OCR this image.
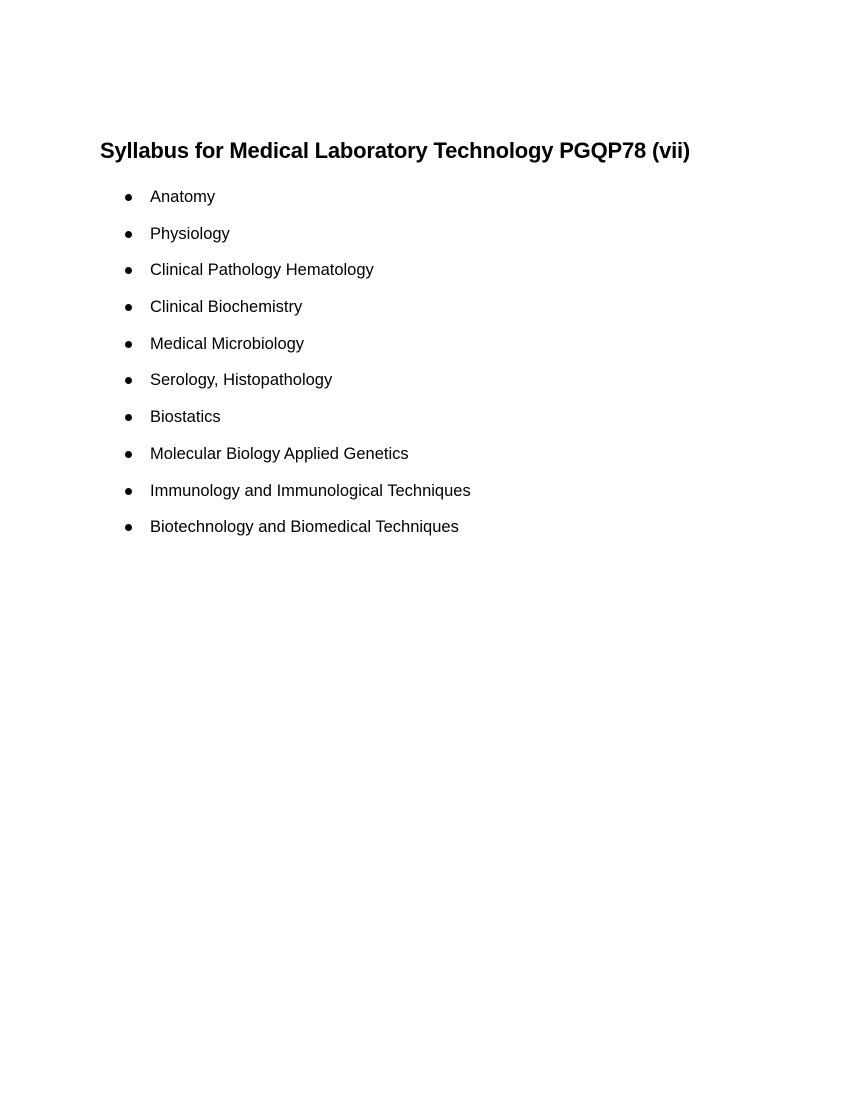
Syllabus for Medical Laboratory Technology PGQP78 (vii)
Anatomy
Physiology
Clinical Pathology Hematology
Clinical Biochemistry
Medical Microbiology
Serology, Histopathology
Biostatics
Molecular Biology Applied Genetics
Immunology and Immunological Techniques
Biotechnology and Biomedical Techniques
